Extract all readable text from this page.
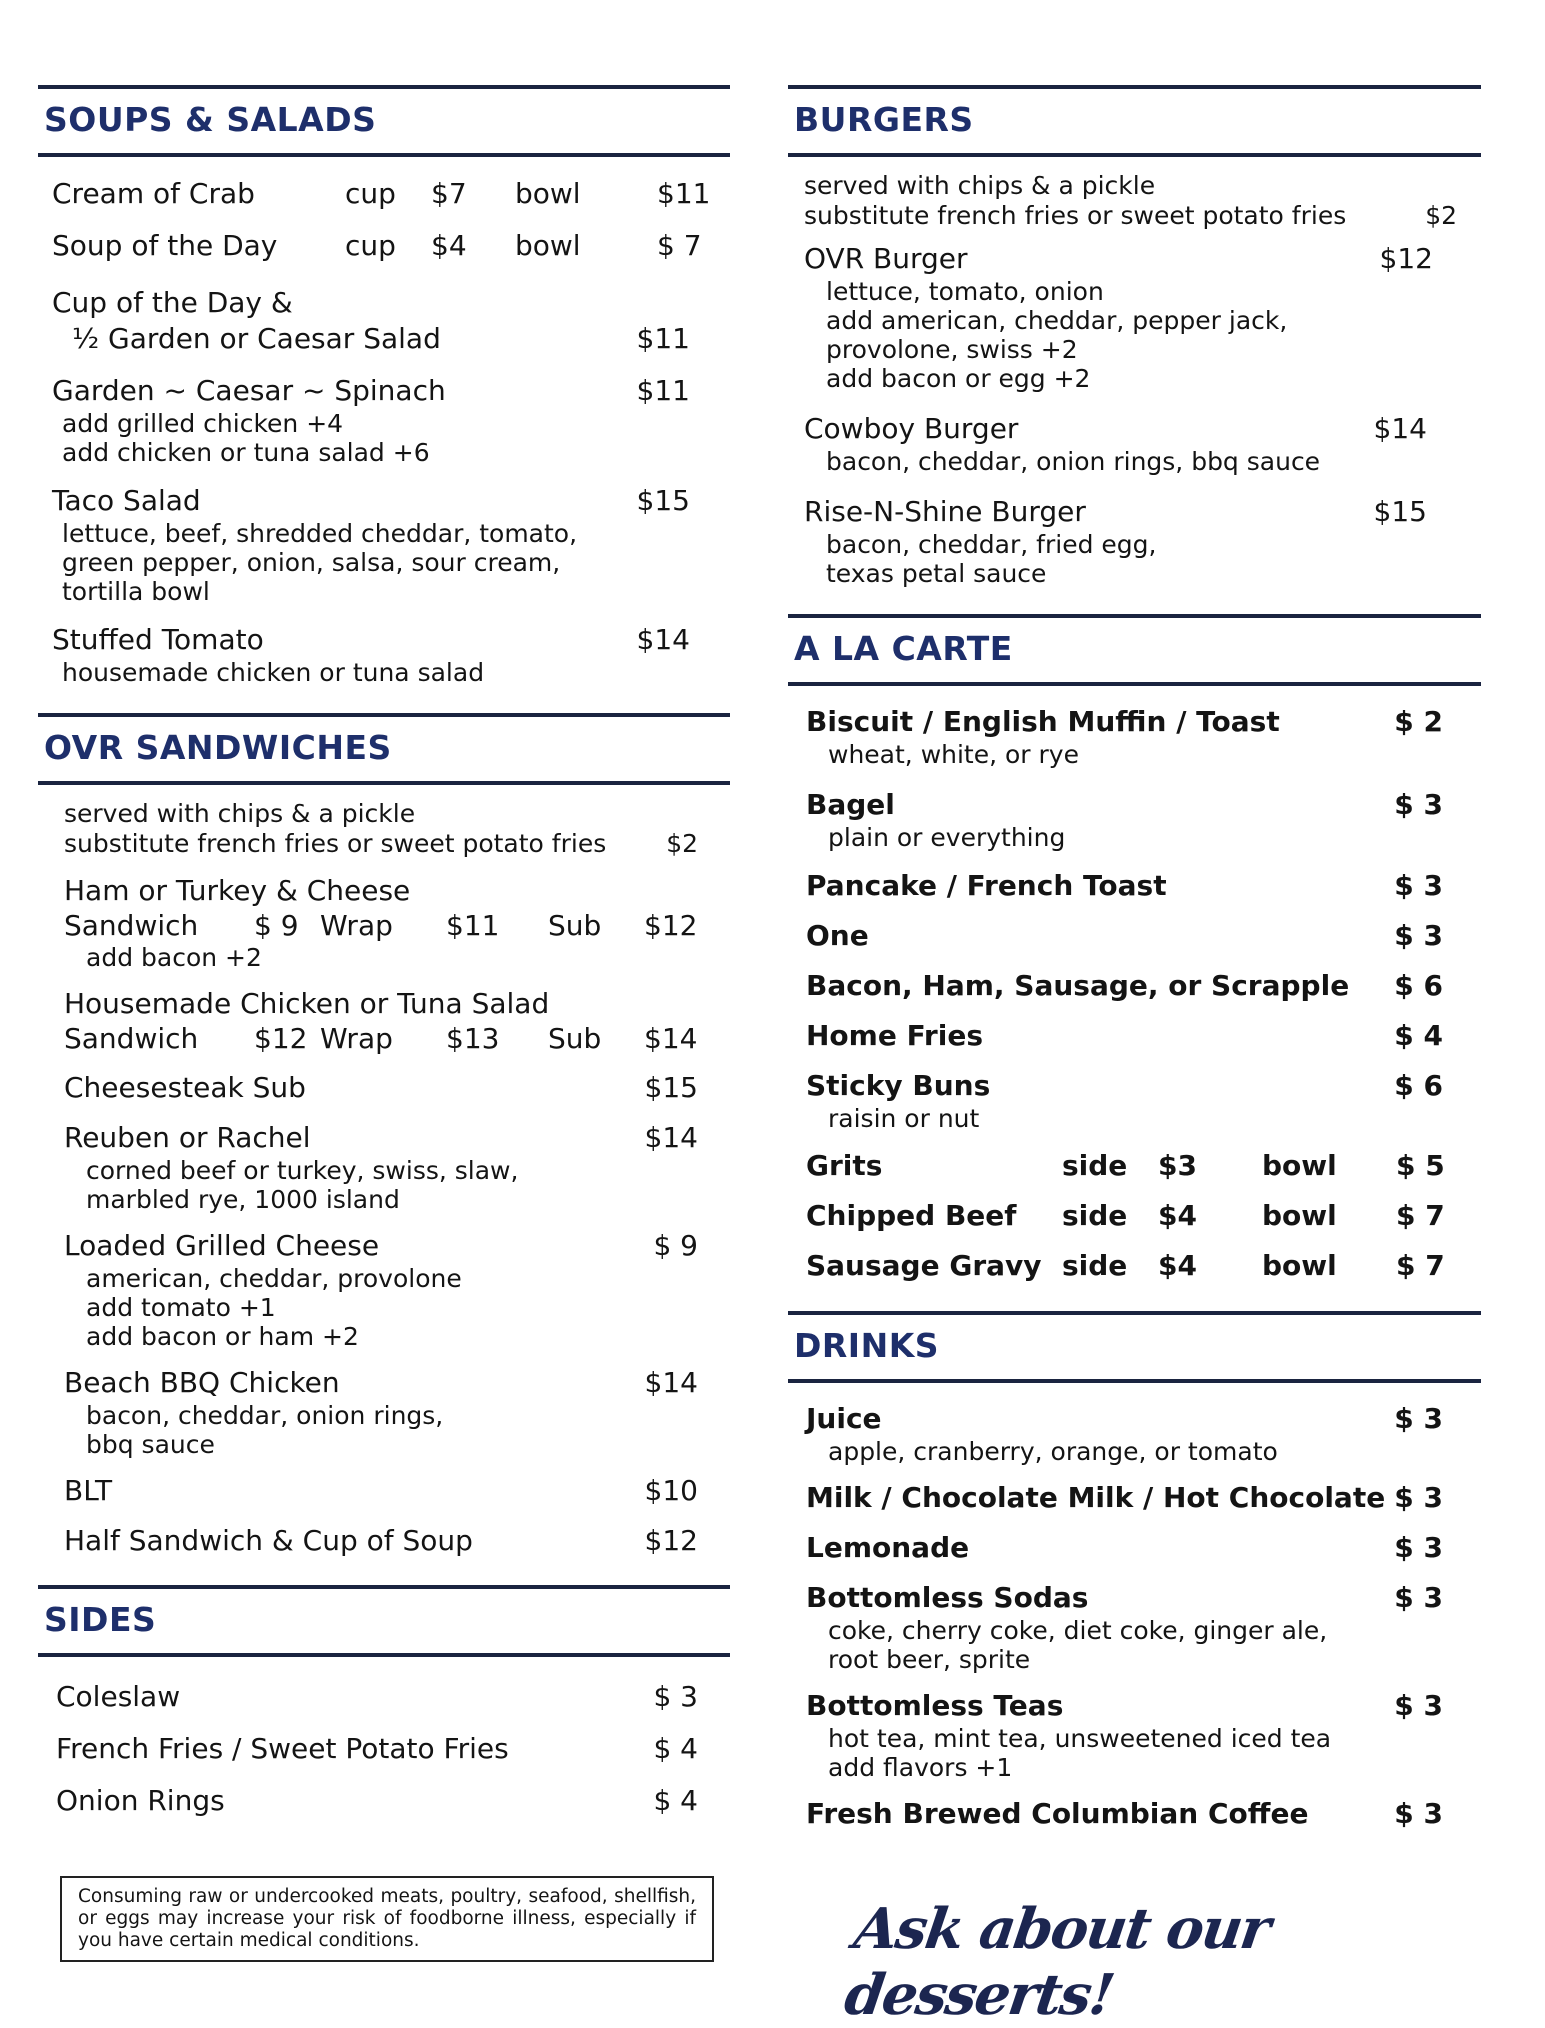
SOUPS & SALADS
Cream of Crab	cup	$7	bowl	$11
Soup of the Day	cup	$4	bowl	$ 7
Cup of the Day &
½ Garden or Caesar Salad	$11
Garden ~ Caesar ~ Spinach	$11
add grilled chicken +4
add chicken or tuna salad +6
Taco Salad	$15
lettuce, beef, shredded cheddar, tomato,
green pepper, onion, salsa, sour cream,
tortilla bowl
Stuffed Tomato	$14
housemade chicken or tuna salad
OVR SANDWICHES
served with chips & a pickle
substitute french fries or sweet potato fries $2
Ham or Turkey & Cheese
Sandwich	$ 9 Wrap	$11	Sub	$12
add bacon +2
Housemade Chicken or Tuna Salad
Sandwich	$12 Wrap	$13	Sub	$14
Cheesesteak Sub	$15
Reuben or Rachel	$14
corned beef or turkey, swiss, slaw,
marbled rye, 1000 island
Loaded Grilled Cheese	$ 9
american, cheddar, provolone
add tomato +1
add bacon or ham +2
Beach BBQ Chicken	$14
bacon, cheddar, onion rings,
bbq sauce
BLT	$10
Half Sandwich & Cup of Soup	$12
SIDES
Coleslaw	$ 3
French Fries / Sweet Potato Fries	$ 4
Onion Rings	$ 4
Consuming raw or undercooked meats, poultry, seafood, shellfish, or eggs may increase your risk of foodborne illness, especially if you have certain medical conditions.
BURGERS
served with chips & a pickle
substitute french fries or sweet potato fries	$2
OVR Burger	$12
lettuce, tomato, onion
add american, cheddar, pepper jack,
provolone, swiss +2
add bacon or egg +2
Cowboy Burger	$14
bacon, cheddar, onion rings, bbq sauce
Rise-N-Shine Burger	$15
bacon, cheddar, fried egg,
texas petal sauce
A LA CARTE
Biscuit / English Muffin / Toast	$ 2
wheat, white, or rye
Bagel	$ 3
plain or everything
Pancake / French Toast	$ 3
One	$ 3
Bacon, Ham, Sausage, or Scrapple $ 6
Home Fries	$ 4
Sticky Buns	$ 6
raisin or nut
Grits	side	$3	bowl	$ 5
Chipped Beef	side	$4	bowl	$ 7
Sausage Gravy side	$4	bowl	$ 7
DRINKS
Juice	$ 3
apple, cranberry, orange, or tomato
Milk / Chocolate Milk / Hot Chocolate $ 3
Lemonade	$ 3
Bottomless Sodas	$ 3
coke, cherry coke, diet coke, ginger ale,
root beer, sprite
Bottomless Teas	$ 3
hot tea, mint tea, unsweetened iced tea
add flavors +1
Fresh Brewed Columbian Coffee	$ 3
Ask about our desserts!
